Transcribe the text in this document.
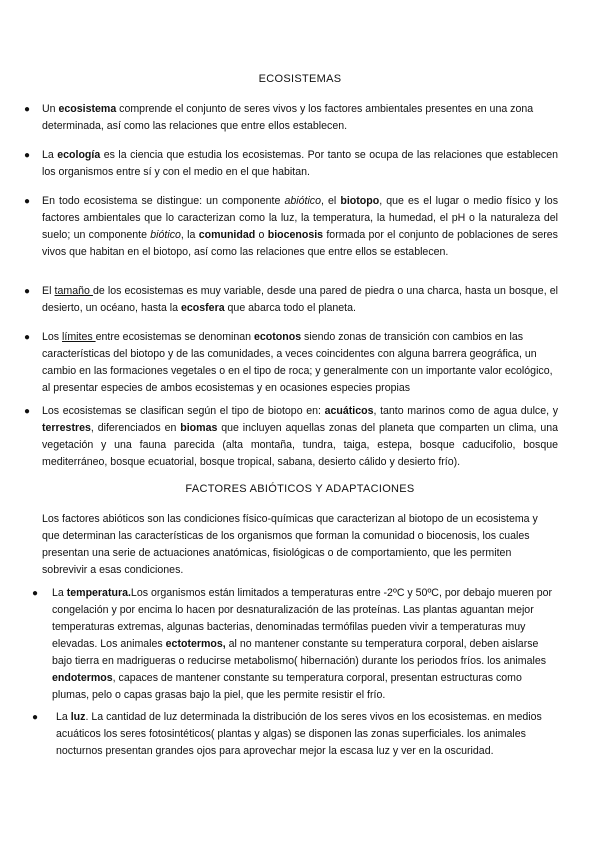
ECOSISTEMAS

● Un ecosistema comprende el conjunto de seres vivos y los factores ambientales presentes en una zona determinada, así como las relaciones que entre ellos establecen.

● La ecología es la ciencia que estudia los ecosistemas. Por tanto se ocupa de las relaciones que establecen los organismos entre sí y con el medio en el que habitan.

● En todo ecosistema se distingue: un componente abiótico, el biotopo, que es el lugar o medio físico y los factores ambientales que lo caracterizan como la luz, la temperatura, la humedad, el pH o la naturaleza del suelo; un componente biótico, la comunidad o biocenosis formada por el conjunto de poblaciones de seres vivos que habitan en el biotopo, así como las relaciones que entre ellos se establecen.

● El tamaño de los ecosistemas es muy variable, desde una pared de piedra o una charca, hasta un bosque, el desierto, un océano, hasta la ecosfera que abarca todo el planeta.

● Los límites entre ecosistemas se denominan ecotonos siendo zonas de transición con cambios en las características del biotopo y de las comunidades, a veces coincidentes con alguna barrera geográfica, un cambio en las formaciones vegetales o en el tipo de roca; y generalmente con un importante valor ecológico, al presentar especies de ambos ecosistemas y en ocasiones especies propias

● Los ecosistemas se clasifican según el tipo de biotopo en: acuáticos, tanto marinos como de agua dulce, y terrestres, diferenciados en biomas que incluyen aquellas zonas del planeta que comparten un clima, una vegetación y una fauna parecida (alta montaña, tundra, taiga, estepa, bosque caducifolio, bosque mediterráneo, bosque ecuatorial, bosque tropical, sabana, desierto cálido y desierto frío).

FACTORES ABIÓTICOS Y ADAPTACIONES

Los factores abióticos son las condiciones físico-químicas que caracterizan al biotopo de un ecosistema y que determinan las características de los organismos que forman la comunidad o biocenosis, los cuales presentan una serie de actuaciones anatómicas, fisiológicas o de comportamiento, que les permiten sobrevivir a esas condiciones.

● La temperatura.Los organismos están limitados a temperaturas entre -2ºC y 50ºC, por debajo mueren por congelación y por encima lo hacen por desnaturalización de las proteínas. Las plantas aguantan mejor temperaturas extremas, algunas bacterias, denominadas termófilas pueden vivir a temperaturas muy elevadas. Los animales ectotermos, al no mantener constante su temperatura corporal, deben aislarse bajo tierra en madrigueras o reducirse metabolismo( hibernación) durante los periodos fríos. los animales endotermos, capaces de mantener constante su temperatura corporal, presentan estructuras como plumas, pelo o capas grasas bajo la piel, que les permite resistir el frío.

● La luz. La cantidad de luz determinada la distribución de los seres vivos en los ecosistemas. en medios acuáticos los seres fotosintéticos( plantas y algas) se disponen las zonas superficiales. los animales nocturnos presentan grandes ojos para aprovechar mejor la escasa luz y ver en la oscuridad.
